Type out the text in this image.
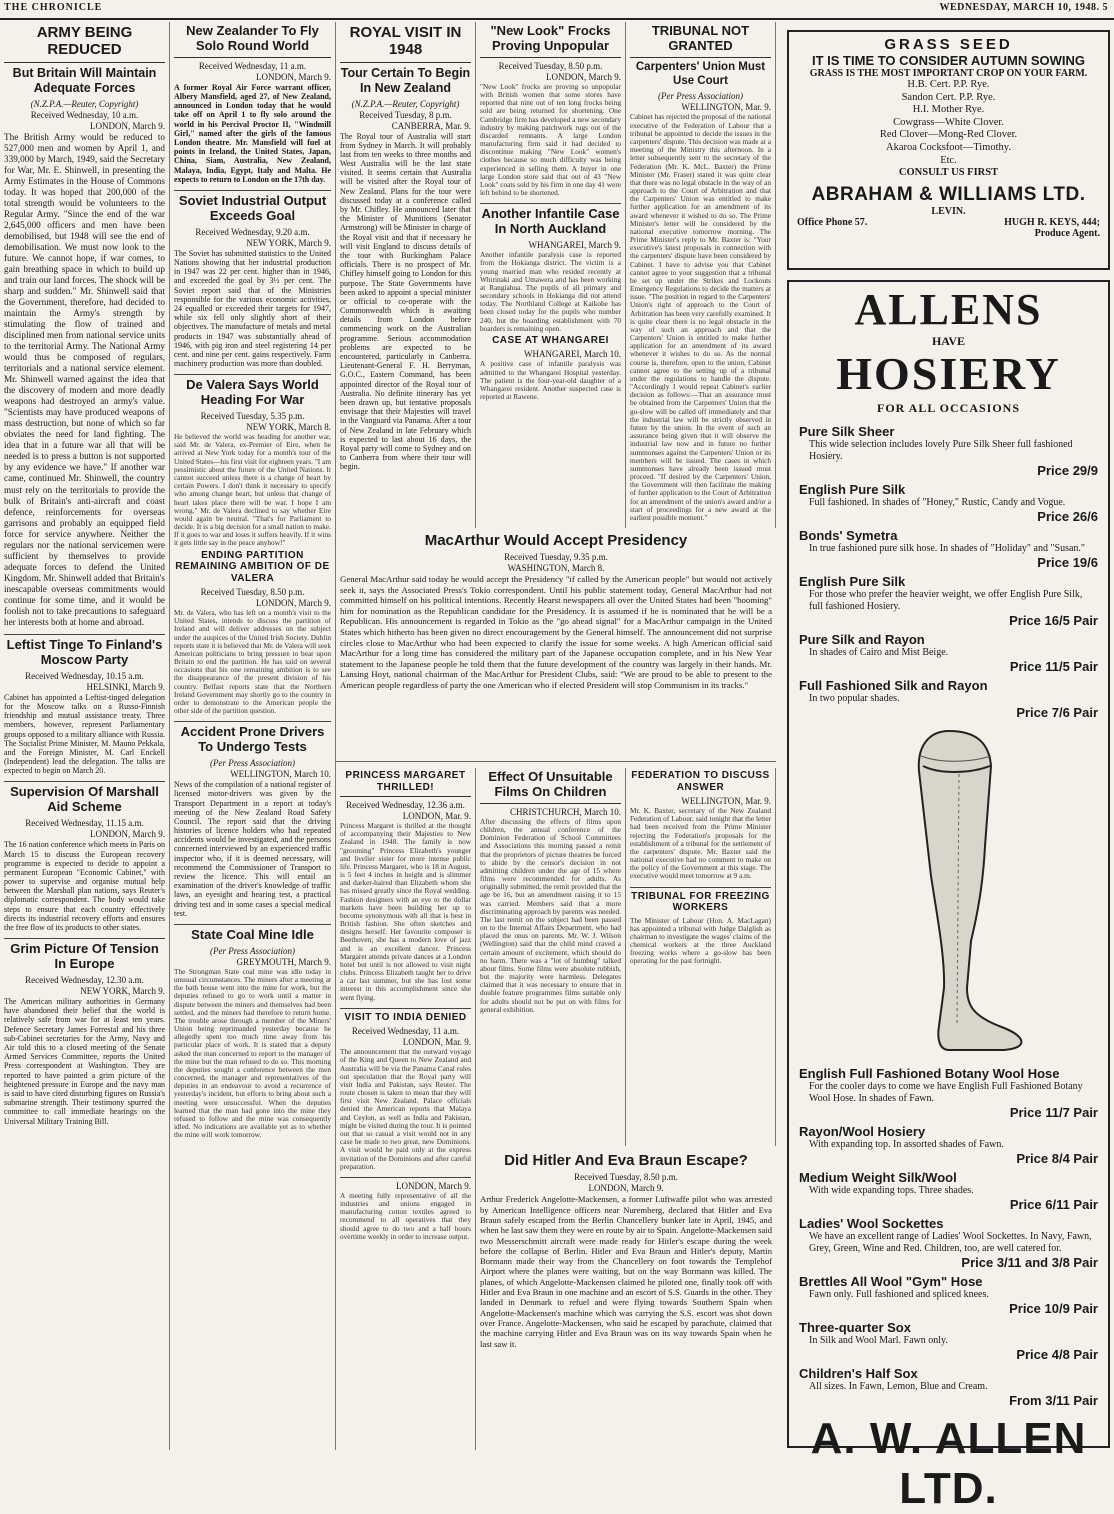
THE CHRONICLE	WEDNESDAY, MARCH 10, 1948. 5
ARMY BEING REDUCED
But Britain Will Maintain Adequate Forces
(N.Z.P.A.—Reuter, Copyright)
Received Wednesday, 10 a.m.
LONDON, March 9.

The British Army would be reduced to 527,000 men and women by April 1, and 339,000 by March, 1949, said the Secretary for War, Mr. E. Shinwell, in presenting the Army Estimates in the House of Commons today. It was hoped that 200,000 of the total strength would be volunteers to the Regular Army. "Since the end of the war 2,645,000 officers and men have been demobilised, but 1948 will see the end of demobilisation. We must now look to the future. We cannot hope, if war comes, to gain breathing space in which to build up and train our land forces. The shock will be sharp and sudden." Mr. Shinwell said that the Government, therefore, had decided to maintain the Army's strength by stimulating the flow of trained and disciplined men from national service units to the territorial Army. The National Army would thus be composed of regulars, territorials and a national service element. Mr. Shinwell warned against the idea that the discovery of modern and more deadly weapons had destroyed an army's value. "Scientists may have produced weapons of mass destruction, but none of which so far obviates the need for land fighting. The idea that in a future war all that will be needed is to press a button is not supported by any evidence we have." If another war came, continued Mr. Shinwell, the country must rely on the territorials to provide the bulk of Britain's anti-aircraft and coast defence, reinforcements for overseas garrisons and probably an equipped field force for service anywhere. Neither the regulars nor the national servicemen were sufficient by themselves to provide adequate forces to defend the United Kingdom. Mr. Shinwell added that Britain's inescapable overseas commitments would continue for some time, and it would be foolish not to take precautions to safeguard her interests both at home and abroad.

Leftist Tinge To Finland's Moscow Party
Received Wednesday, 10.15 a.m.
HELSINKI, March 9.

Cabinet has appointed a Leftist-tinged delegation for the Moscow talks on a Russo-Finnish friendship and mutual assistance treaty. Three members, however, represent Parliamentary groups opposed to a military alliance with Russia. The Socialist Prime Minister, M. Mauno Pekkala, and the Foreign Minister, M. Carl Enckell (Independent) lead the delegation. The talks are expected to begin on March 20.

Supervision Of Marshall Aid Scheme
Received Wednesday, 11.15 a.m.
LONDON, March 9.

The 16 nation conference which meets in Paris on March 15 to discuss the European recovery programme is expected to decide to appoint a permanent European "Economic Cabinet," with power to supervise and organise mutual help between the Marshall plan nations, says Reuter's diplomatic correspondent. The body would take steps to ensure that each country effectively directs its industrial recovery efforts and ensures the free flow of its products to other states.

Grim Picture Of Tension In Europe
Received Wednesday, 12.30 a.m.
NEW YORK, March 9.

The American military authorities in Germany have abandoned their belief that the world is relatively safe from war for at least ten years. Defence Secretary James Forrestal and his three sub-Cabinet secretaries for the Army, Navy and Air told this to a closed meeting of the Senate Armed Services Committee, reports the United Press correspondent at Washington. They are reported to have painted a grim picture of the heightened pressure in Europe and the navy man is said to have cited disturbing figures on Russia's submarine strength. Their testimony spurred the committee to call immediate hearings on the Universal Military Training Bill.

New Zealander To Fly Solo Round World
Received Wednesday, 11 a.m.
LONDON, March 9.

A former Royal Air Force warrant officer, Albery Mansfield, aged 27, of New Zealand, announced in London today that he would take off on April 1 to fly solo around the world in his Percival Proctor II, "Windmill Girl," named after the girls of the famous London theatre. Mr. Mansfield will fuel at points in Ireland, the United States, Japan, China, Siam, Australia, New Zealand, Malaya, India, Egypt, Italy and Malta. He expects to return to London on the 17th day.

Soviet Industrial Output Exceeds Goal
Received Wednesday, 9.20 a.m.
NEW YORK, March 9.

The Soviet has submitted statistics to the United Nations showing that her industrial production in 1947 was 22 per cent. higher than in 1946, and exceeded the goal by 3½ per cent. The Soviet report said that of the Ministries responsible for the various economic activities, 24 equalled or exceeded their targets for 1947, while six fell only slightly short of their objectives. The manufacture of metals and metal products in 1947 was substantially ahead of 1946, with pig iron and steel registering 14 per cent. and nine per cent. gains respectively. Farm machinery production was more than doubled.

De Valera Says World Heading For War
Received Tuesday, 5.35 p.m.
NEW YORK, March 8.

He believed the world was heading for another war, said Mr. de Valera, ex-Premier of Eire, when he arrived at New York today for a month's tour of the United States—his first visit for eighteen years. "I am pessimistic about the future of the United Nations. It cannot succeed unless there is a change of heart by certain Powers. I don't think it necessary to specify who among change heart, but unless that change of heart takes place there will be war. I hope I am wrong." Mr. de Valera declined to say whether Eire would again be neutral. "That's for Parliament to decide. It is a big decision for a small nation to make. If it goes to war and loses it suffers heavily. If it wins it gets little say in the peace anyhow!"

ENDING PARTITION REMAINING AMBITION OF DE VALERA
Received Tuesday, 8.50 p.m.
LONDON, March 9.

Mr. de Valera, who has left on a month's visit to the United States, intends to discuss the partition of Ireland and will deliver addresses on the subject under the auspices of the United Irish Society. Dublin reports state it is believed that Mr. de Valera will seek American politicians to bring pressure to bear upon Britain to end the partition. He has said on several occasions that his one remaining ambition is to see the disappearance of the present division of his country. Belfast reports state that the Northern Ireland Government may shortly go to the country in order to demonstrate to the American people the other side of the partition question.

Accident Prone Drivers To Undergo Tests
(Per Press Association)
WELLINGTON, March 10.

News of the compilation of a national register of licensed motor-drivers was given by the Transport Department in a report at today's meeting of the New Zealand Road Safety Council. The report said that the driving histories of licence holders who had repeated accidents would be investigated, and the persons concerned interviewed by an experienced traffic inspector who, if it is deemed necessary, will recommend the Commissioner of Transport to review the licence. This will entail an examination of the driver's knowledge of traffic laws, an eyesight and hearing test, a practical driving test and in some cases a special medical test.

State Coal Mine Idle
(Per Press Association)
GREYMOUTH, March 9.

The Strongman State coal mine was idle today in unusual circumstances. The miners after a meeting at the bath house went into the mine for work, but the deputies refused to go to work until a matter in dispute between the miners and themselves had been settled, and the miners had therefore to return home. The trouble arose through a member of the Miners' Union being reprimanded yesterday because he allegedly spent too much time away from his particular place of work. It is stated that a deputy asked the man concerned to report to the manager of the mine but the man refused to do so. This morning the deputies sought a conference between the men concerned, the manager and representatives of the deputies in an endeavour to avoid a recurrence of yesterday's incident, but efforts to bring about such a meeting were unsuccessful. When the deputies learned that the man had gone into the mine they refused to follow and the mine was consequently idled. No indications are available yet as to whether the mine will work tomorrow.

ROYAL VISIT IN 1948
Tour Certain To Begin In New Zealand
(N.Z.P.A.—Reuter, Copyright)
Received Tuesday, 8 p.m.
CANBERRA, Mar. 9.

The Royal tour of Australia will start from Sydney in March. It will probably last from ten weeks to three months and West Australia will be the last state visited. It seems certain that Australia will be visited after the Royal tour of New Zealand. Plans for the tour were discussed today at a conference called by Mr. Chifley. He announced later that the Minister of Munitions (Senator Armstrong) will be Minister in charge of the Royal visit and that if necessary he will visit England to discuss details of the tour with Buckingham Palace officials. There is no prospect of Mr. Chifley himself going to London for this purpose. The State Governments have been asked to appoint a special minister or official to co-operate with the Commonwealth which is awaiting details from London before commencing work on the Australian programme. Serious accommodation problems are expected to be encountered, particularly in Canberra. Lieutenant-General F. H. Berryman, G.O.C., Eastern Command, has been appointed director of the Royal tour of Australia. No definite itinerary has yet been drawn up, but tentative proposals envisage that their Majesties will travel in the Vanguard via Panama. After a tour of New Zealand in late February which is expected to last about 16 days, the Royal party will come to Sydney and on to Canberra from where their tour will begin.

"New Look" Frocks Proving Unpopular
Received Tuesday, 8.50 p.m.
LONDON, March 9.

"New Look" frocks are proving so unpopular with British women that some stores have reported that nine out of ten long frocks being sold are being returned for shortening. One Cambridge firm has developed a new secondary industry by making patchwork rugs out of the discarded remnants. A large London manufacturing firm said it had decided to discontinue making "New Look" women's clothes because so much difficulty was being experienced in selling them. A buyer in one large London store said that out of 43 "New Look" coats sold by his firm in one day 41 were left behind to be shortened.

Another Infantile Case In North Auckland
WHANGAREI, March 9.

Another infantile paralysis case is reported from the Hokianga district. The victim is a young married man who resided recently at Whirinaki and Umawera and has been working at Rangiahua. The pupils of all primary and secondary schools in Hokianga did not attend today. The Northland College at Kaikohe has been closed today for the pupils who number 240, but the boarding establishment with 70 boarders is remaining open.

CASE AT WHANGAREI
WHANGAREI, March 10.

A positive case of infantile paralysis was admitted to the Whangarei Hospital yesterday. The patient is the four-year-old daughter of a Whangarei resident. Another suspected case is reported at Rawene.

TRIBUNAL NOT GRANTED
Carpenters' Union Must Use Court
(Per Press Association)
WELLINGTON, Mar. 9.

Cabinet has rejected the proposal of the national executive of the Federation of Labour that a tribunal be appointed to decide the issues in the carpenters' dispute. This decision was made at a meeting of the Ministry this afternoon. In a letter subsequently sent to the secretary of the Federation (Mr. K. McL. Baxter) the Prime Minister (Mr. Fraser) stated it was quite clear that there was no legal obstacle in the way of an approach to the Court of Arbitration and that the Carpenters' Union was entitled to make further application for an amendment of its award whenever it wished to do so. The Prime Minister's letter will be considered by the national executive tomorrow morning. The Prime Minister's reply to Mr. Baxter is: "Your executive's latest proposals in connection with the carpenters' dispute have been considered by Cabinet. I have to advise you that Cabinet cannot agree to your suggestion that a tribunal be set up under the Strikes and Lockouts Emergency Regulations to decide the matters at issue. "The position in regard to the Carpenters' Union's right of approach to the Court of Arbitration has been very carefully examined. It is quite clear there is no legal obstacle in the way of such an approach and that the Carpenters' Union is entitled to make further application for an amendment of its award whenever it wishes to do so. As the normal course is, therefore, open to the union, Cabinet cannot agree to the setting up of a tribunal under the regulations to handle the dispute. "Accordingly I would repeat Cabinet's earlier decision as follows:—That an assurance must be obtained from the Carpenters' Union that the go-slow will be called off immediately and that the industrial law will be strictly observed in future by the union. In the event of such an assurance being given that it will observe the industrial law now and in future no further summonses against the Carpenters' Union or its members will be issued. The cases in which summonses have already been issued must proceed. "If desired by the Carpenters' Union, the Government will then facilitate the making of further application to the Court of Arbitration for an amendment of the union's award and/or a start of proceedings for a new award at the earliest possible moment."

MacArthur Would Accept Presidency
Received Tuesday, 9.35 p.m.
WASHINGTON, March 8.

General MacArthur said today he would accept the Presidency "if called by the American people" but would not actively seek it, says the Associated Press's Tokio correspondent. Until his public statement today, General MacArthur had not committed himself on his political intentions. Recently Hearst newspapers all over the United States had been "booming" him for nomination as the Republican candidate for the Presidency. It is assumed if he is nominated that he will be a Republican. His announcement is regarded in Tokio as the "go ahead signal" for a MacArthur campaign in the United States which hitherto has been given no direct encouragement by the General himself. The announcement did not surprise circles close to MacArthur who had been expected to clarify the issue for some weeks. A high American official said MacArthur for a long time has considered the military part of the Japanese occupation complete, and in his New Year statement to the Japanese people he told them that the future development of the country was largely in their hands. Mr. Lansing Hoyt, national chairman of the MacArthur for President Clubs, said: "We are proud to be able to present to the American people regardless of party the one American who if elected President will stop Communism in its tracks."

PRINCESS MARGARET THRILLED!
Received Wednesday, 12.36 a.m.
LONDON, Mar. 9.

Princess Margaret is thrilled at the thought of accompanying their Majesties to New Zealand in 1948. The family is now "grooming" Princess Elizabeth's younger and livelier sister for more intense public life. Princess Margaret, who is 18 in August, is 5 feet 4 inches in height and is slimmer and darker-haired than Elizabeth whom she has missed greatly since the Royal wedding. Fashion designers with an eye to the dollar markets have been building her up to become synonymous with all that is best in British fashion. She often sketches and designs herself. Her favourite composer is Beethoven; she has a modern love of jazz and is an excellent dancer. Princess Margaret attends private dances at a London hotel but until is not allowed to visit night clubs. Princess Elizabeth taught her to drive a car last summer, but she has lost some interest in this accomplishment since she went flying.

VISIT TO INDIA DENIED
Received Wednesday, 11 a.m.
LONDON, Mar. 9.

The announcement that the outward voyage of the King and Queen to New Zealand and Australia will be via the Panama Canal rules out speculation that the Royal party will visit India and Pakistan, says Reuter. The route chosen is taken to mean that they will first visit New Zealand. Palace officials denied the American reports that Malaya and Ceylon, as well as India and Pakistan, might be visited during the tour. It is pointed out that so casual a visit would not in any case be made to two great, new Dominions. A visit would be paid only at the express invitation of the Dominions and after careful preparation.

LONDON, March 9.

A meeting fully representative of all the industries and unions engaged in manufacturing cotton textiles agreed to recommend to all operatives that they should agree to do two and a half hours overtime weekly in order to increase output.

Effect Of Unsuitable Films On Children
CHRISTCHURCH, March 10.

After discussing the effects of films upon children, the annual conference of the Dominion Federation of School Committees and Associations this morning passed a remit that the proprietors of picture theatres be forced to abide by the censor's decision in not admitting children under the age of 15 where films were recommended for adults. As originally submitted, the remit provided that the age be 16, but an amendment raising it to 15 was carried. Members said that a more discriminating approach by parents was needed. The last remit on the subject had been passed on to the Internal Affairs Department, who had placed the onus on parents. Mr. W. J. Wilson (Wellington) said that the child mind craved a certain amount of excitement, which should do no harm. There was a "lot of humbug" talked about films. Some films were absolute rubbish, but the majority were harmless. Delegates claimed that it was necessary to ensure that in double feature programmes films suitable only for adults should not be put on with films for general exhibition.

FEDERATION TO DISCUSS ANSWER
WELLINGTON, Mar. 9.

Mr. K. Baxter, secretary of the New Zealand Federation of Labour, said tonight that the letter had been received from the Prime Minister rejecting the Federation's proposals for the establishment of a tribunal for the settlement of the carpenters' dispute. Mr. Baxter said the national executive had no comment to make on the policy of the Government at this stage. The executive would meet tomorrow at 9 a.m.

TRIBUNAL FOR FREEZING WORKERS

The Minister of Labour (Hon. A. MacLagan) has appointed a tribunal with Judge Dalglish as chairman to investigate the wages' claims of the chemical workers at the three Auckland freezing works where a go-slow has been operating for the past fortnight.

Did Hitler And Eva Braun Escape?
Received Tuesday, 8.50 p.m.
LONDON, March 9.

Arthur Frederick Angelotte-Mackensen, a former Luftwaffe pilot who was arrested by American Intelligence officers near Nuremberg, declared that Hitler and Eva Braun safely escaped from the Berlin Chancellery bunker late in April, 1945, and when he last saw them they were en route by air to Spain. Angelotte-Mackensen said two Messerschmitt aircraft were made ready for Hitler's escape during the week before the collapse of Berlin. Hitler and Eva Braun and Hitler's deputy, Martin Bormann made their way from the Chancellery on foot towards the Templehof Airport where the planes were waiting, but on the way Bormann was killed. The planes, of which Angelotte-Mackensen claimed he piloted one, finally took off with Hitler and Eva Braun in one machine and an escort of S.S. Guards in the other. They landed in Denmark to refuel and were flying towards Southern Spain when Angelotte-Mackensen's machine which was carrying the S.S. escort was shot down over France. Angelotte-Mackensen, who said he escaped by parachute, claimed that the machine carrying Hitler and Eva Braun was on its way towards Spain when he last saw it.

GRASS SEED
IT IS TIME TO CONSIDER AUTUMN SOWING
GRASS IS THE MOST IMPORTANT CROP ON YOUR FARM.
H.B. Cert. P.P. Rye.
Sandon Cert. P.P. Rye.
H.I. Mother Rye.
Cowgrass—White Clover.
Red Clover—Mong-Red Clover.
Akaroa Cocksfoot—Timothy.
Etc.
CONSULT US FIRST
ABRAHAM & WILLIAMS LTD.
LEVIN.
Office Phone 57.	HUGH R. KEYS, 444;
Produce Agent.
ALLENS
HAVE
HOSIERY
FOR ALL OCCASIONS
Pure Silk Sheer
This wide selection includes lovely Pure Silk Sheer full fashioned Hosiery.
Price 29/9
English Pure Silk
Full fashioned. In shades of "Honey," Rustic, Candy and Vogue.
Price 26/6
Bonds' Symetra
In true fashioned pure silk hose. In shades of "Holiday" and "Susan."
Price 19/6
English Pure Silk
For those who prefer the heavier weight, we offer English Pure Silk, full fashioned Hosiery.
Price 16/5 Pair
Pure Silk and Rayon
In shades of Cairo and Mist Beige.
Price 11/5 Pair
Full Fashioned Silk and Rayon
In two popular shades.
Price 7/6 Pair
English Full Fashioned Botany Wool Hose
For the cooler days to come we have English Full Fashioned Botany Wool Hose. In shades of Fawn.
Price 11/7 Pair
Rayon/Wool Hosiery
With expanding top. In assorted shades of Fawn.
Price 8/4 Pair
Medium Weight Silk/Wool
With wide expanding tops. Three shades.
Price 6/11 Pair
Ladies' Wool Sockettes
We have an excellent range of Ladies' Wool Sockettes. In Navy, Fawn, Grey, Green, Wine and Red. Children, too, are well catered for.
Price 3/11 and 3/8 Pair
Brettles All Wool "Gym" Hose
Fawn only. Full fashioned and spliced knees.
Price 10/9 Pair
Three-quarter Sox
In Silk and Wool Marl. Fawn only.
Price 4/8 Pair
Children's Half Sox
All sizes. In Fawn, Lemon, Blue and Cream.
From 3/11 Pair
A. W. ALLEN LTD.
